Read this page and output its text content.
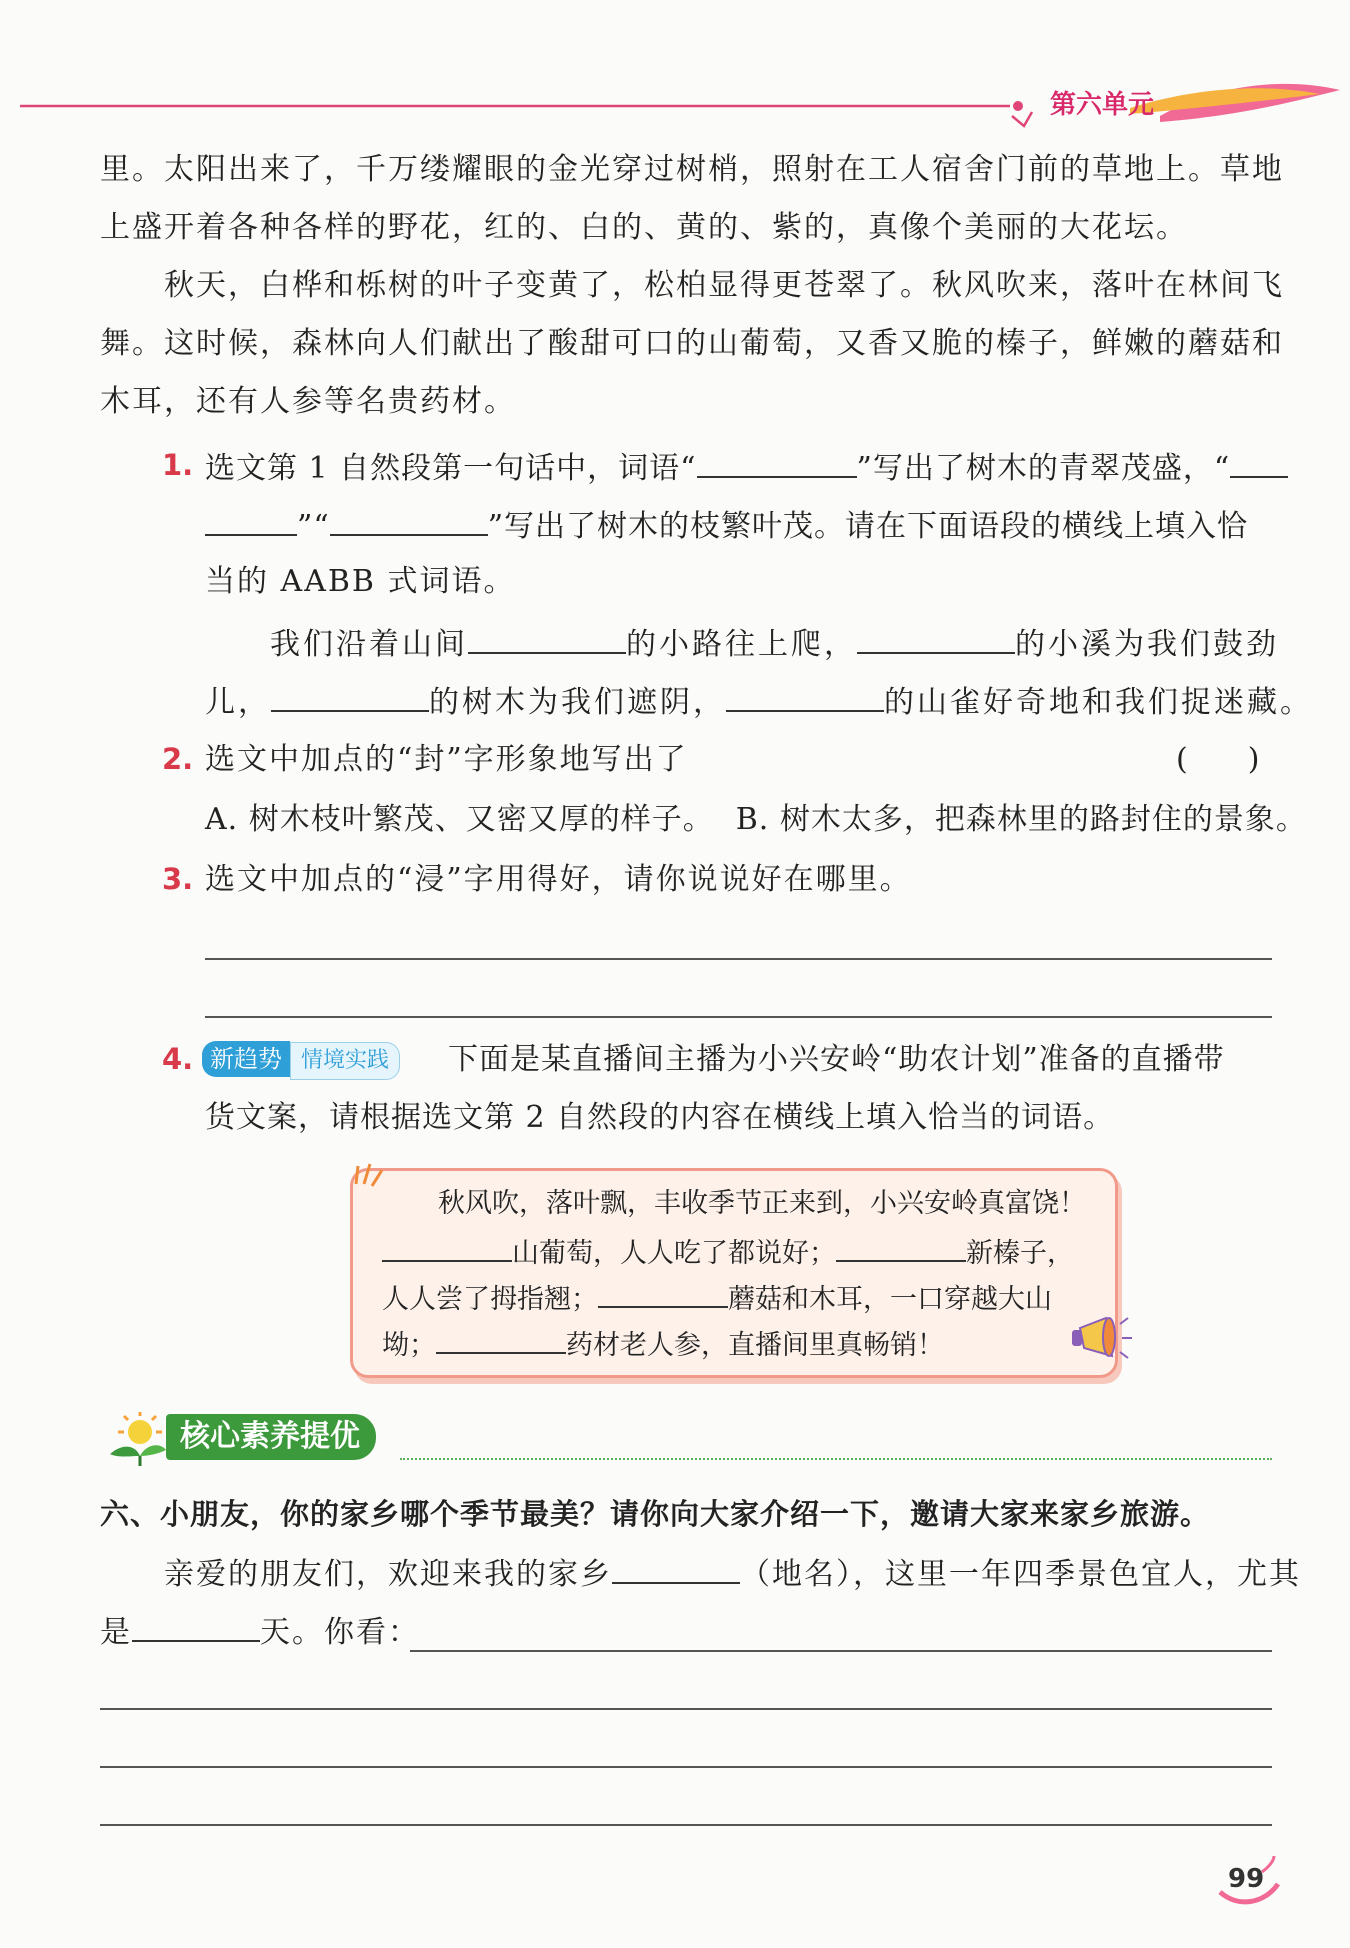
第六单元
里。太阳出来了，千万缕耀眼的金光穿过树梢，照射在工人宿舍门前的草地上。草地
上盛开着各种各样的野花，红的、白的、黄的、紫的，真像个美丽的大花坛。
秋天，白桦和栎树的叶子变黄了，松柏显得更苍翠了。秋风吹来，落叶在林间飞
舞。这时候，森林向人们献出了酸甜可口的山葡萄，又香又脆的榛子，鲜嫩的蘑菇和
木耳，还有人参等名贵药材。
1. 选文第 1 自然段第一句话中，词语“	”写出了树木的青翠茂盛，“
”“	”写出了树木的枝繁叶茂。请在下面语段的横线上填入恰
当的 AABB 式词语。
我们沿着山间	的小路往上爬，	的小溪为我们鼓劲
儿，	的树木为我们遮阴，	的山雀好奇地和我们捉迷藏。
2. 选文中加点的“封”字形象地写出了	(　　)
A. 树木枝叶繁茂、又密又厚的样子。 B. 树木太多，把森林里的路封住的景象。
3. 选文中加点的“浸”字用得好，请你说说好在哪里。
4. 新趋势 情境实践	下面是某直播间主播为小兴安岭“助农计划”准备的直播带
货文案，请根据选文第 2 自然段的内容在横线上填入恰当的词语。
秋风吹，落叶飘，丰收季节正来到，小兴安岭真富饶！
山葡萄，人人吃了都说好；	新榛子，
人人尝了拇指翘；	蘑菇和木耳，一口穿越大山
坳；	药材老人参，直播间里真畅销！
核心素养提优
六、小朋友，你的家乡哪个季节最美？请你向大家介绍一下，邀请大家来家乡旅游。
亲爱的朋友们，欢迎来我的家乡	（地名），这里一年四季景色宜人，尤其
是	天。你看：
99
